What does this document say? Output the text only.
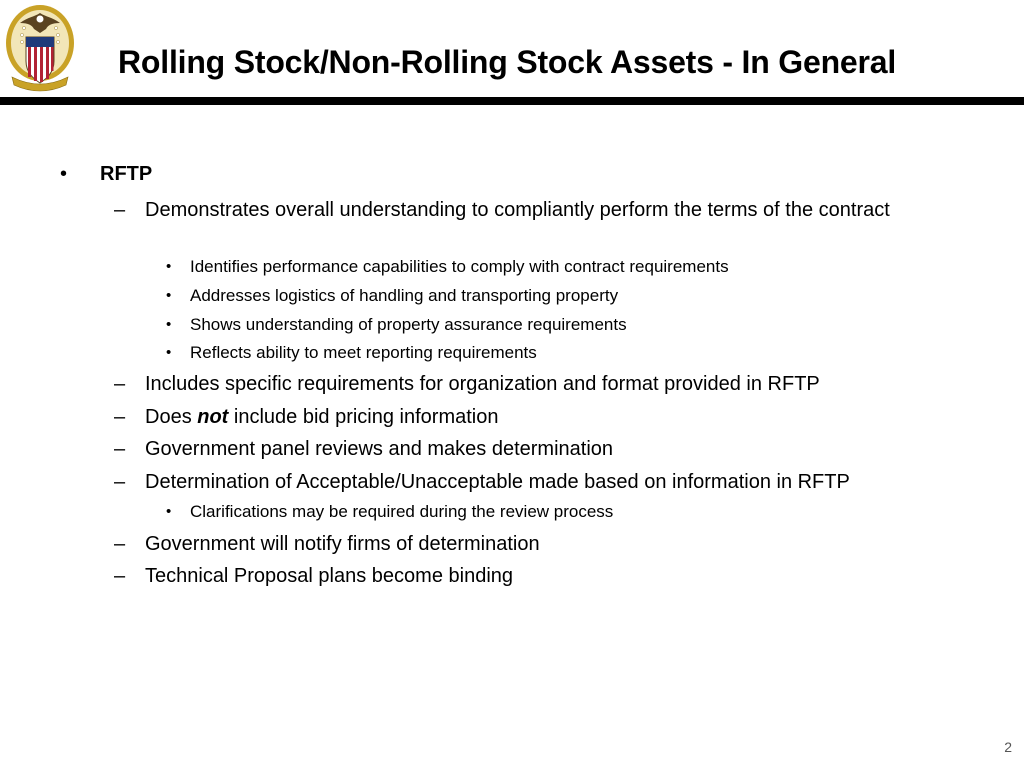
Rolling Stock/Non-Rolling Stock Assets - In General
• RFTP
– Demonstrates overall understanding to compliantly perform the terms of the contract
• Identifies performance capabilities to comply with contract requirements
• Addresses logistics of handling and transporting property
• Shows understanding of property assurance requirements
• Reflects ability to meet reporting requirements
– Includes specific requirements for organization and format provided in RFTP
– Does not include bid pricing information
– Government panel reviews and makes determination
– Determination of Acceptable/Unacceptable made based on information in RFTP
• Clarifications may be required during the review process
– Government will notify firms of determination
– Technical Proposal plans become binding
2
